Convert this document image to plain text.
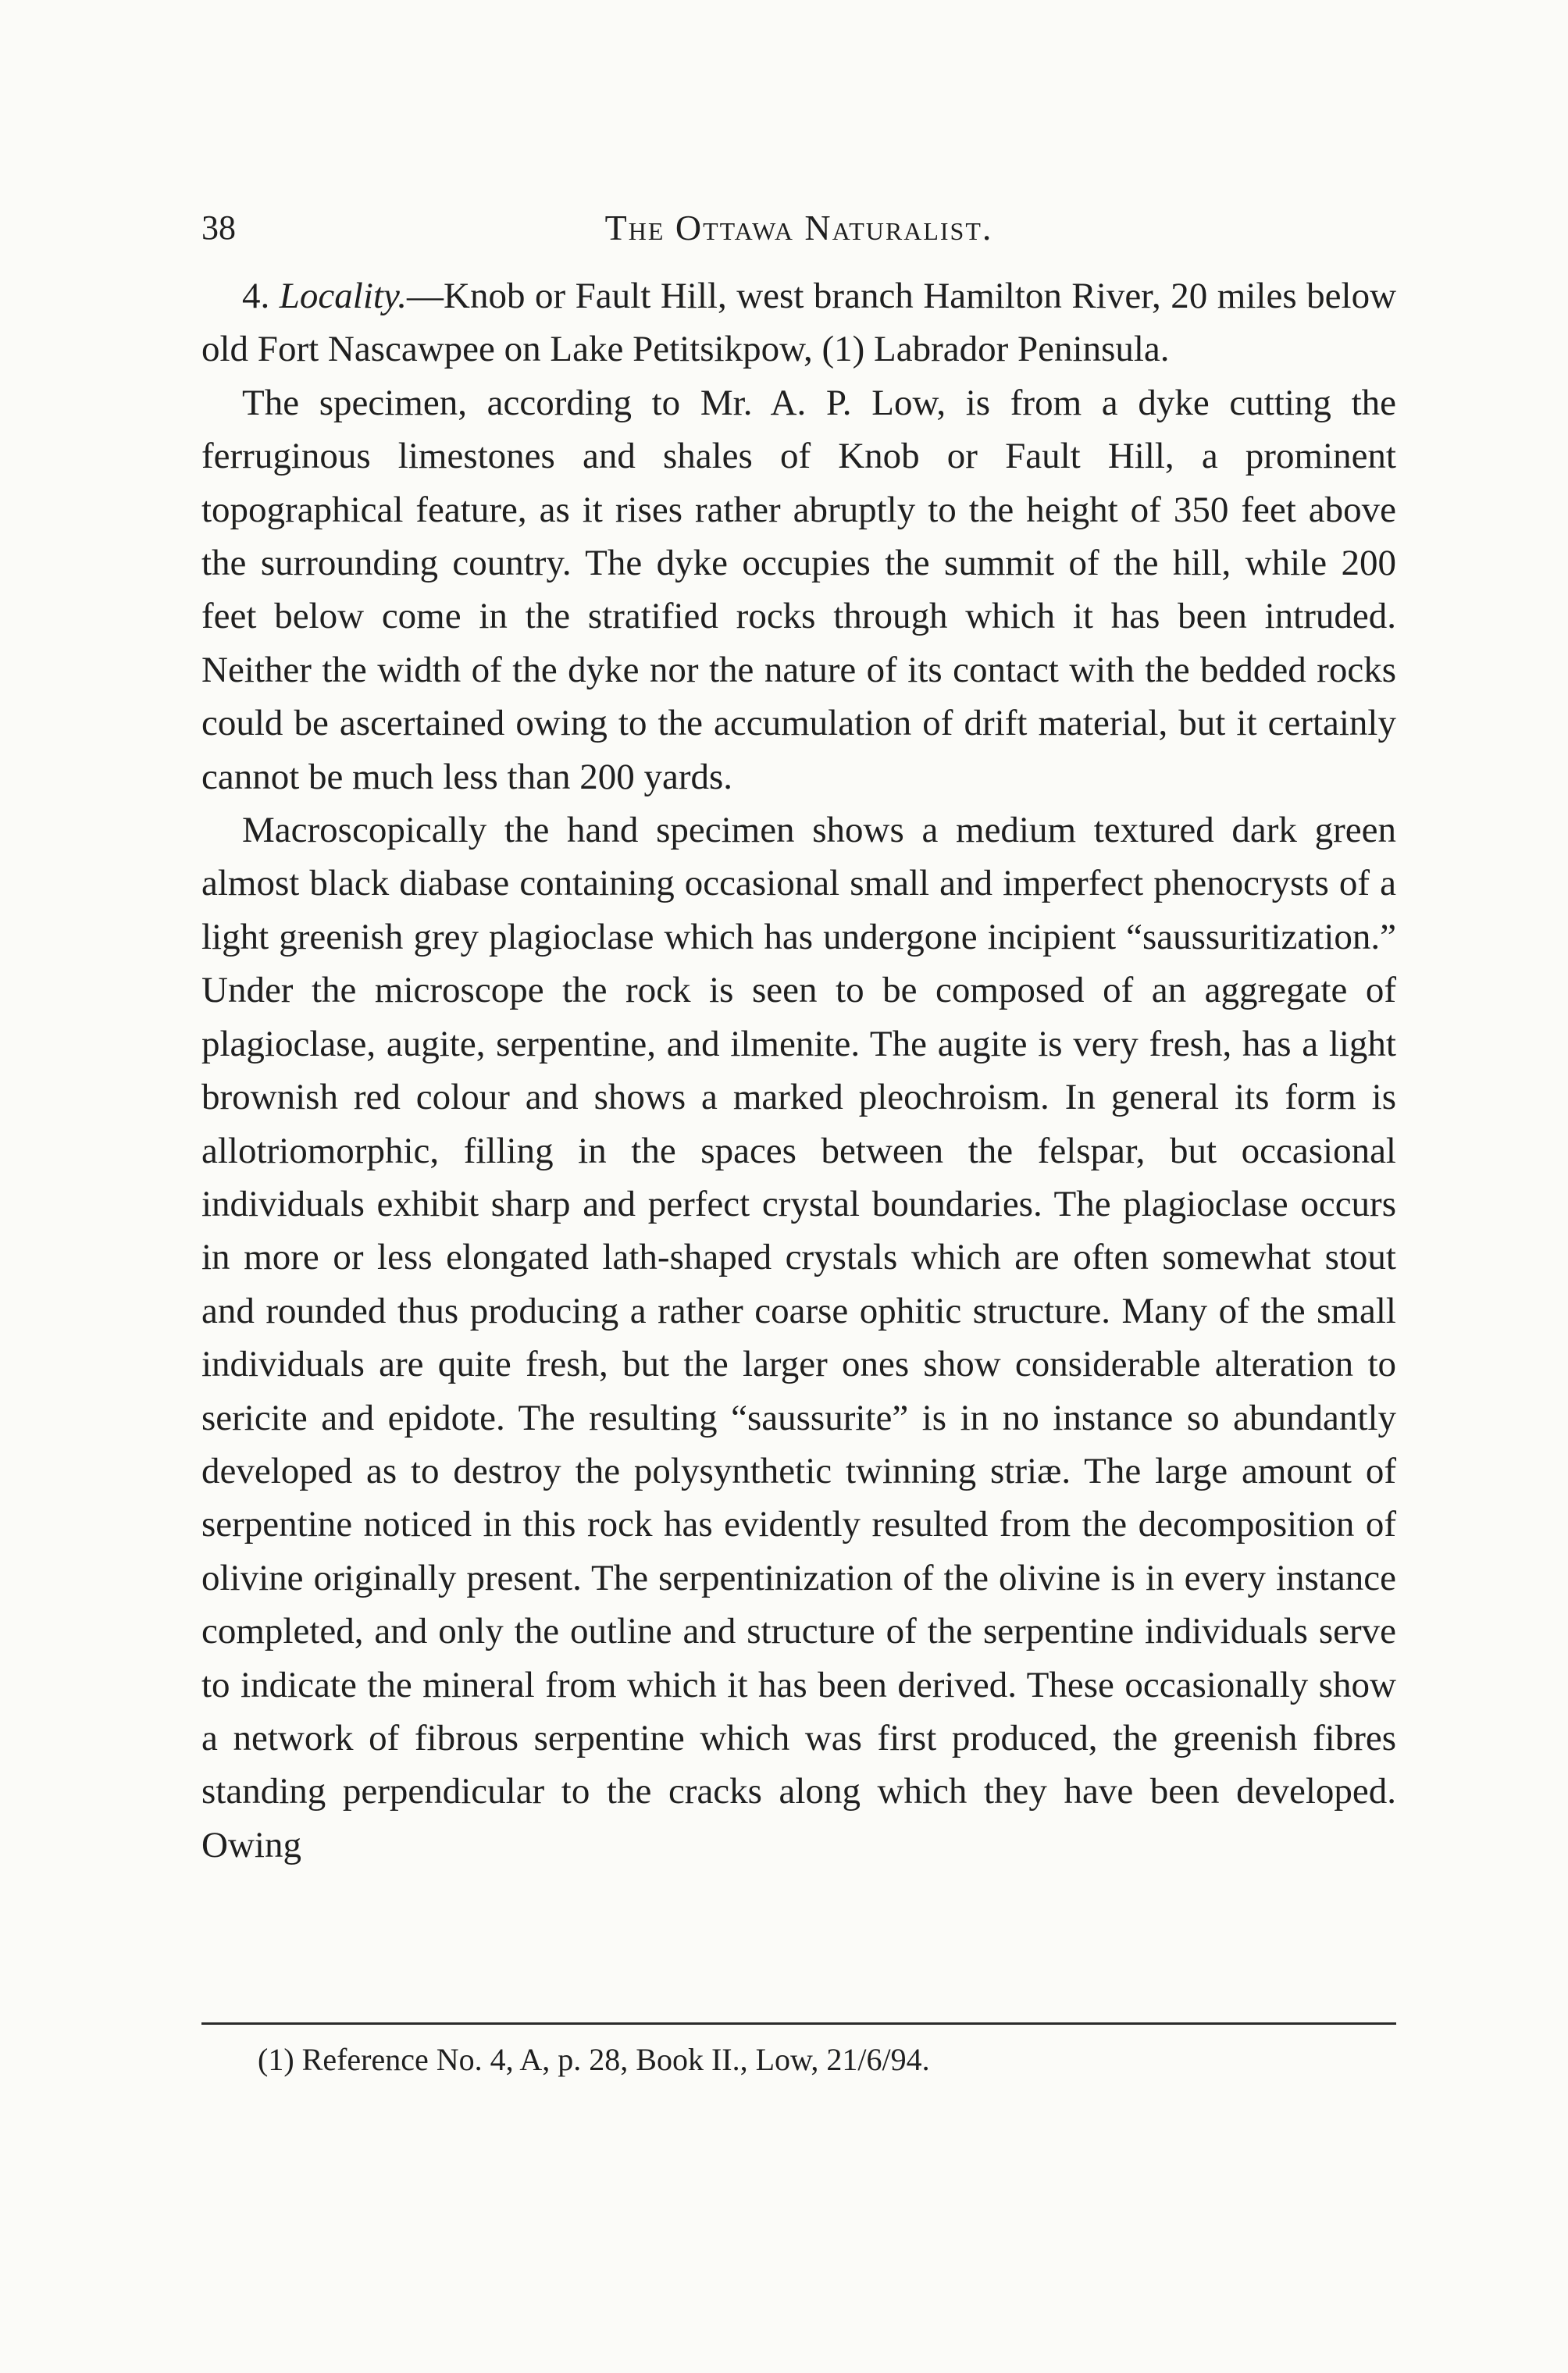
38	The Ottawa Naturalist.

4. Locality.—Knob or Fault Hill, west branch Hamilton River, 20 miles below old Fort Nascawpee on Lake Petitsikpow, (1) Labrador Peninsula.

The specimen, according to Mr. A. P. Low, is from a dyke cutting the ferruginous limestones and shales of Knob or Fault Hill, a prominent topographical feature, as it rises rather abruptly to the height of 350 feet above the surrounding country. The dyke occupies the summit of the hill, while 200 feet below come in the stratified rocks through which it has been intruded. Neither the width of the dyke nor the nature of its contact with the bedded rocks could be ascertained owing to the accumulation of drift material, but it certainly cannot be much less than 200 yards.

Macroscopically the hand specimen shows a medium textured dark green almost black diabase containing occasional small and imperfect phenocrysts of a light greenish grey plagioclase which has undergone incipient “saussuritization.” Under the microscope the rock is seen to be composed of an aggregate of plagioclase, augite, serpentine, and ilmenite. The augite is very fresh, has a light brownish red colour and shows a marked pleochroism. In general its form is allotriomorphic, filling in the spaces between the felspar, but occasional individuals exhibit sharp and perfect crystal boundaries. The plagioclase occurs in more or less elongated lath-shaped crystals which are often somewhat stout and rounded thus producing a rather coarse ophitic structure. Many of the small individuals are quite fresh, but the larger ones show considerable alteration to sericite and epidote. The resulting “saussurite” is in no instance so abundantly developed as to destroy the polysynthetic twinning striæ. The large amount of serpentine noticed in this rock has evidently resulted from the decomposition of olivine originally present. The serpentinization of the olivine is in every instance completed, and only the outline and structure of the serpentine individuals serve to indicate the mineral from which it has been derived. These occasionally show a network of fibrous serpentine which was first produced, the greenish fibres standing perpendicular to the cracks along which they have been developed. Owing

(1) Reference No. 4, A, p. 28, Book II., Low, 21/6/94.
